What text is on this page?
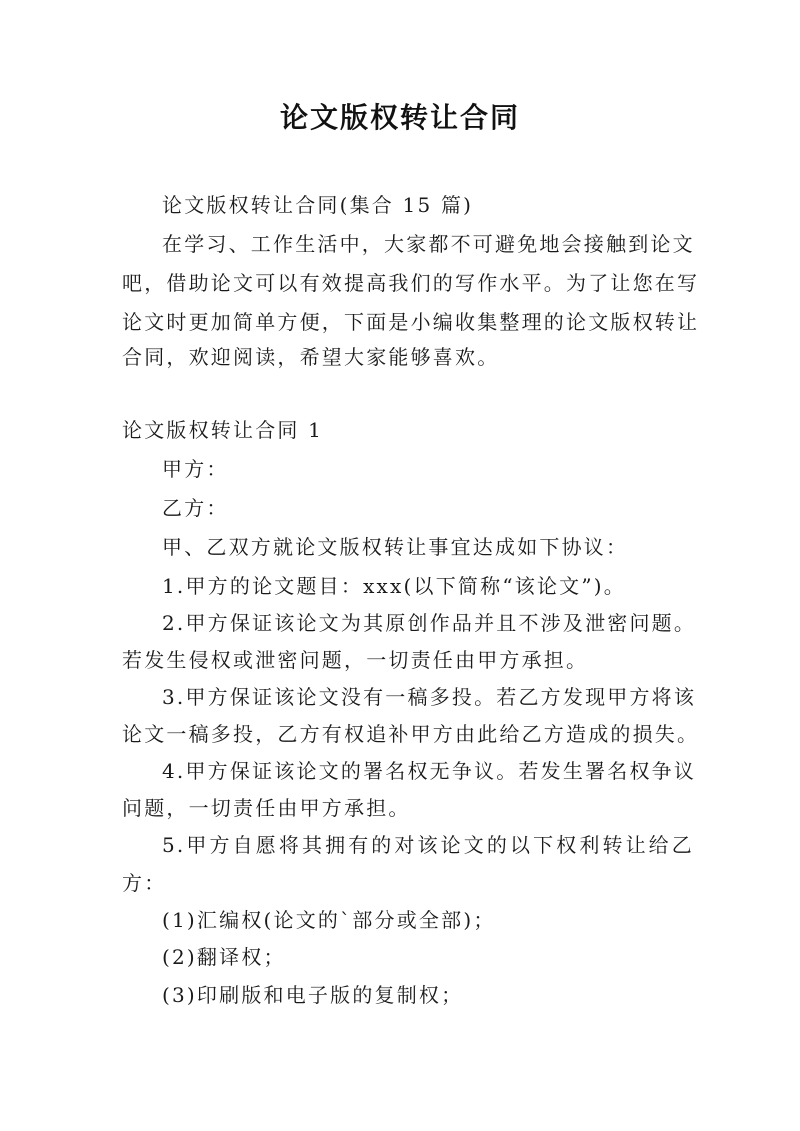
论文版权转让合同
论文版权转让合同(集合 15 篇)
在学习、工作生活中，大家都不可避免地会接触到论文
吧，借助论文可以有效提高我们的写作水平。为了让您在写
论文时更加简单方便，下面是小编收集整理的论文版权转让
合同，欢迎阅读，希望大家能够喜欢。
论文版权转让合同 1
甲方：
乙方：
甲、乙双方就论文版权转让事宜达成如下协议：
1.甲方的论文题目：xxx(以下简称“该论文”)。
2.甲方保证该论文为其原创作品并且不涉及泄密问题。
若发生侵权或泄密问题，一切责任由甲方承担。
3.甲方保证该论文没有一稿多投。若乙方发现甲方将该
论文一稿多投，乙方有权追补甲方由此给乙方造成的损失。
4.甲方保证该论文的署名权无争议。若发生署名权争议
问题，一切责任由甲方承担。
5.甲方自愿将其拥有的对该论文的以下权利转让给乙
方：
(1)汇编权(论文的`部分或全部)；
(2)翻译权；
(3)印刷版和电子版的复制权；
